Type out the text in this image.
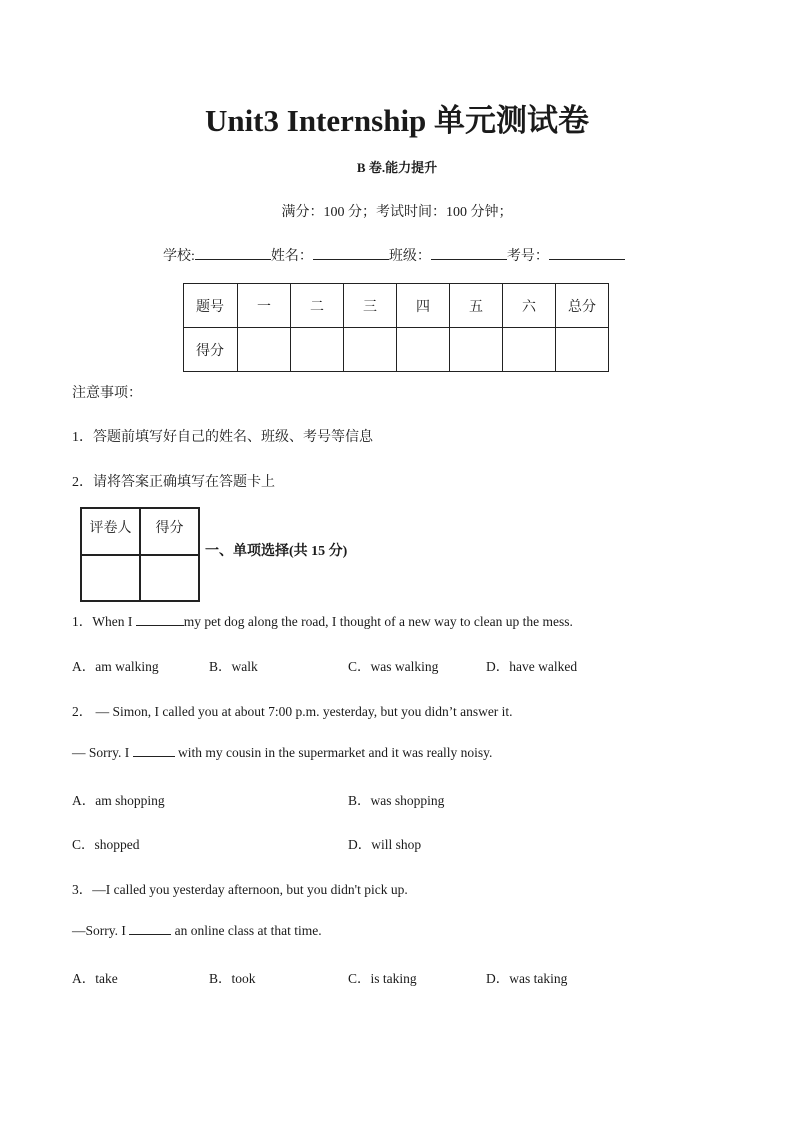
Unit3 Internship 单元测试卷
B 卷.能力提升
满分：100 分；考试时间：100 分钟；
学校:	姓名：	班级：	考号：
题号	一	二	三	四	五	六	总分
得分							
注意事项：
1．答题前填写好自己的姓名、班级、考号等信息
2．请将答案正确填写在答题卡上
评卷人	得分

一、单项选择(共 15 分)
1．When I	my pet dog along the road, I thought of a new way to clean up the mess.
A．am walking	B．walk	C．was walking	D．have walked
2． — Simon, I called you at about 7:00 p.m. yesterday, but you didn’t answer it.
— Sorry. I	with my cousin in the supermarket and it was really noisy.
A．am shopping	B．was shopping
C．shopped	D．will shop
3．—I called you yesterday afternoon, but you didn't pick up.
—Sorry. I	an online class at that time.
A．take	B．took	C．is taking	D．was taking
